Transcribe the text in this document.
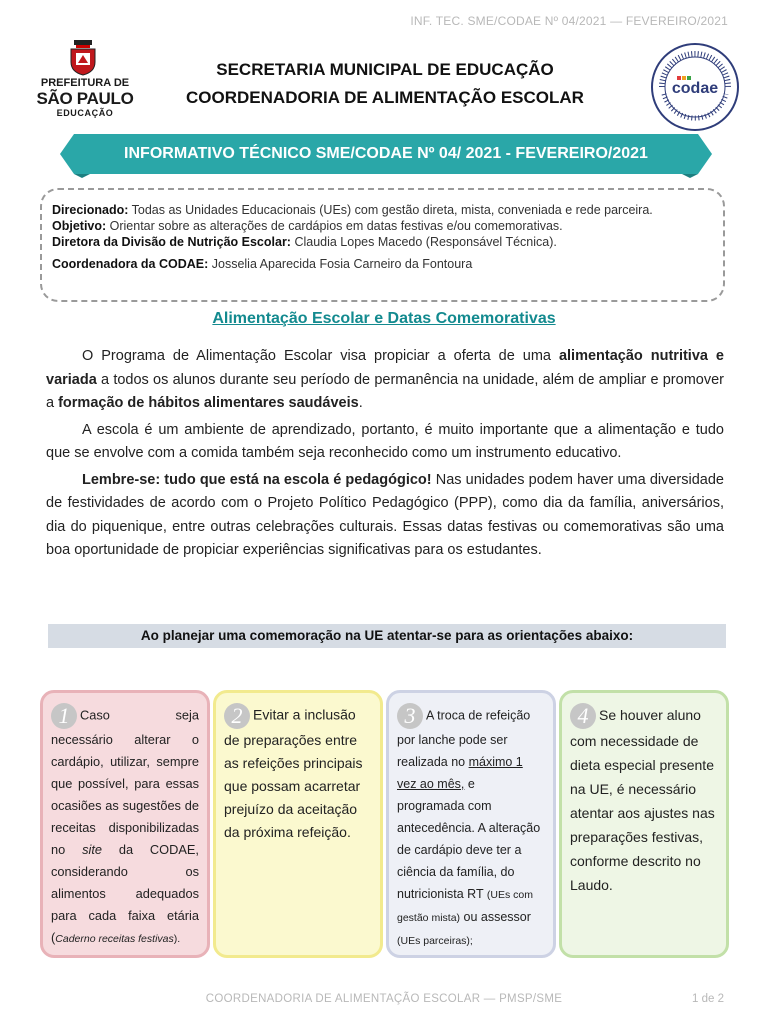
INF. TEC. SME/CODAE Nº 04/2021 — FEVEREIRO/2021
PREFEITURA DE
SÃO PAULO
EDUCAÇÃO
SECRETARIA MUNICIPAL DE EDUCAÇÃO
COORDENADORIA DE ALIMENTAÇÃO ESCOLAR	codae
INFORMATIVO TÉCNICO SME/CODAE Nº 04/ 2021 - FEVEREIRO/2021

Direcionado: Todas as Unidades Educacionais (UEs) com gestão direta, mista, conveniada e rede parceira.

Objetivo: Orientar sobre as alterações de cardápios em datas festivas e/ou comemorativas.

Diretora da Divisão de Nutrição Escolar: Claudia Lopes Macedo (Responsável Técnica).

Coordenadora da CODAE: Josselia Aparecida Fosia Carneiro da Fontoura

Alimentação Escolar e Datas Comemorativas

O Programa de Alimentação Escolar visa propiciar a oferta de uma alimentação nutritiva e variada a todos os alunos durante seu período de permanência na unidade, além de ampliar e promover a formação de hábitos alimentares saudáveis.

A escola é um ambiente de aprendizado, portanto, é muito importante que a alimentação e tudo que se envolve com a comida também seja reconhecido como um instrumento educativo.

Lembre-se: tudo que está na escola é pedagógico! Nas unidades podem haver uma diversidade de festividades de acordo com o Projeto Político Pedagógico (PPP), como dia da família, aniversários, dia do piquenique, entre outras celebrações culturais. Essas datas festivas ou comemorativas são uma boa oportunidade de propiciar experiências significativas para os estudantes.

Ao planejar uma comemoração na UE atentar-se para as orientações abaixo:
1 Caso seja necessário alterar o cardápio, utilizar, sempre que possível, para essas ocasiões as sugestões de receitas disponibilizadas no site da CODAE, considerando os alimentos adequados para cada faixa etária (Caderno receitas festivas).
2 Evitar a inclusão de preparações entre as refeições principais que possam acarretar prejuízo da aceitação da próxima refeição.
3 A troca de refeição por lanche pode ser realizada no máximo 1 vez ao mês, e programada com antecedência. A alteração de cardápio deve ter a ciência da família, do nutricionista RT (UEs com gestão mista) ou assessor (UEs parceiras);
4 Se houver aluno com necessidade de dieta especial presente na UE, é necessário atentar aos ajustes nas preparações festivas, conforme descrito no Laudo.
COORDENADORIA DE ALIMENTAÇÃO ESCOLAR — PMSP/SME	1 de 2
